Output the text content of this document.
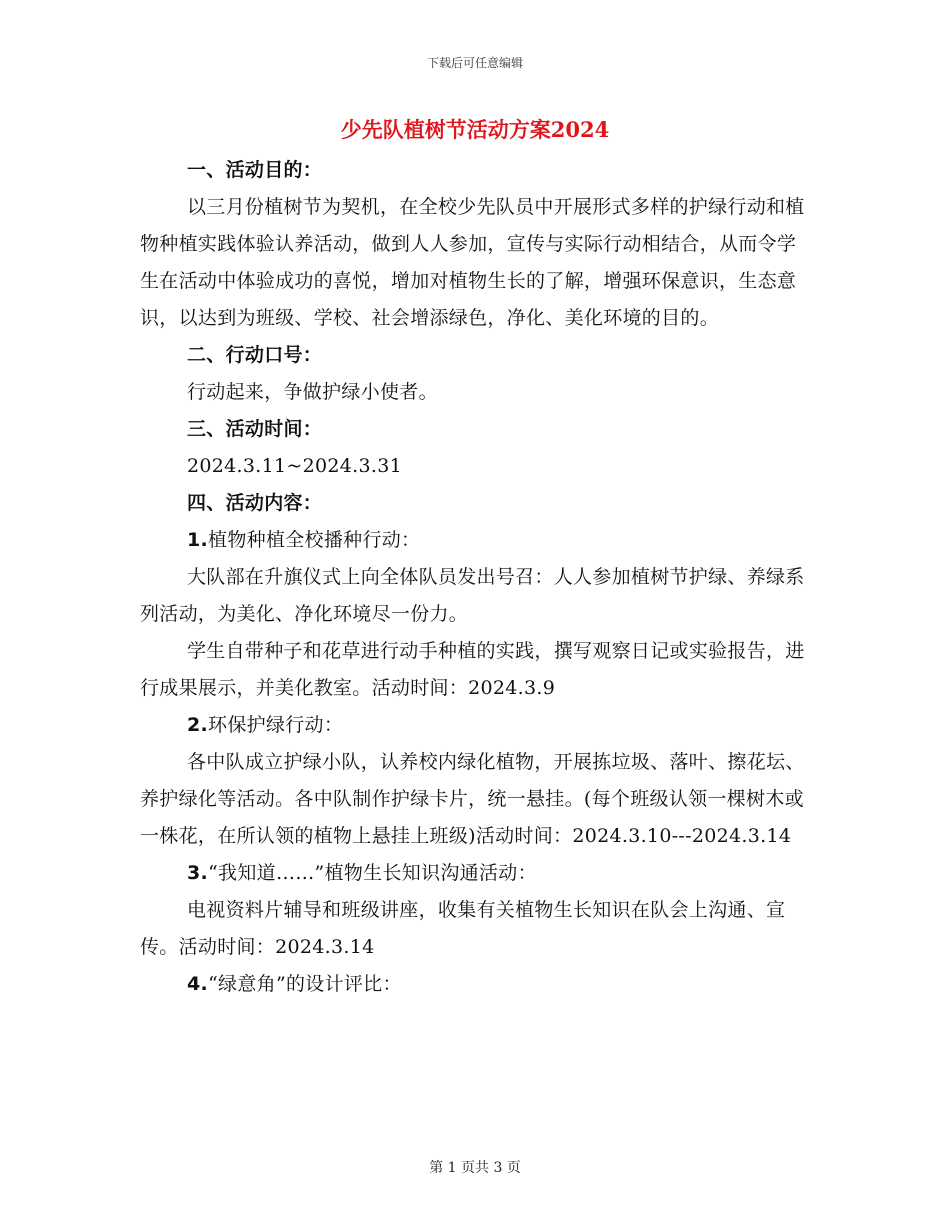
下载后可任意编辑
少先队植树节活动方案2024

一、活动目的：

以三月份植树节为契机，在全校少先队员中开展形式多样的护绿行动和植物种植实践体验认养活动，做到人人参加，宣传与实际行动相结合，从而令学生在活动中体验成功的喜悦，增加对植物生长的了解，增强环保意识，生态意识，以达到为班级、学校、社会增添绿色，净化、美化环境的目的。

二、行动口号：

行动起来，争做护绿小使者。

三、活动时间：

2024.3.11~2024.3.31

四、活动内容：

1.植物种植全校播种行动：

大队部在升旗仪式上向全体队员发出号召：人人参加植树节护绿、养绿系列活动，为美化、净化环境尽一份力。

学生自带种子和花草进行动手种植的实践，撰写观察日记或实验报告，进行成果展示，并美化教室。活动时间：2024.3.9

2.环保护绿行动：

各中队成立护绿小队，认养校内绿化植物，开展拣垃圾、落叶、擦花坛、养护绿化等活动。各中队制作护绿卡片，统一悬挂。(每个班级认领一棵树木或一株花，在所认领的植物上悬挂上班级)活动时间：2024.3.10---2024.3.14

3.“我知道……”植物生长知识沟通活动：

电视资料片辅导和班级讲座，收集有关植物生长知识在队会上沟通、宣传。活动时间：2024.3.14

4.“绿意角”的设计评比：

第 1 页共 3 页
